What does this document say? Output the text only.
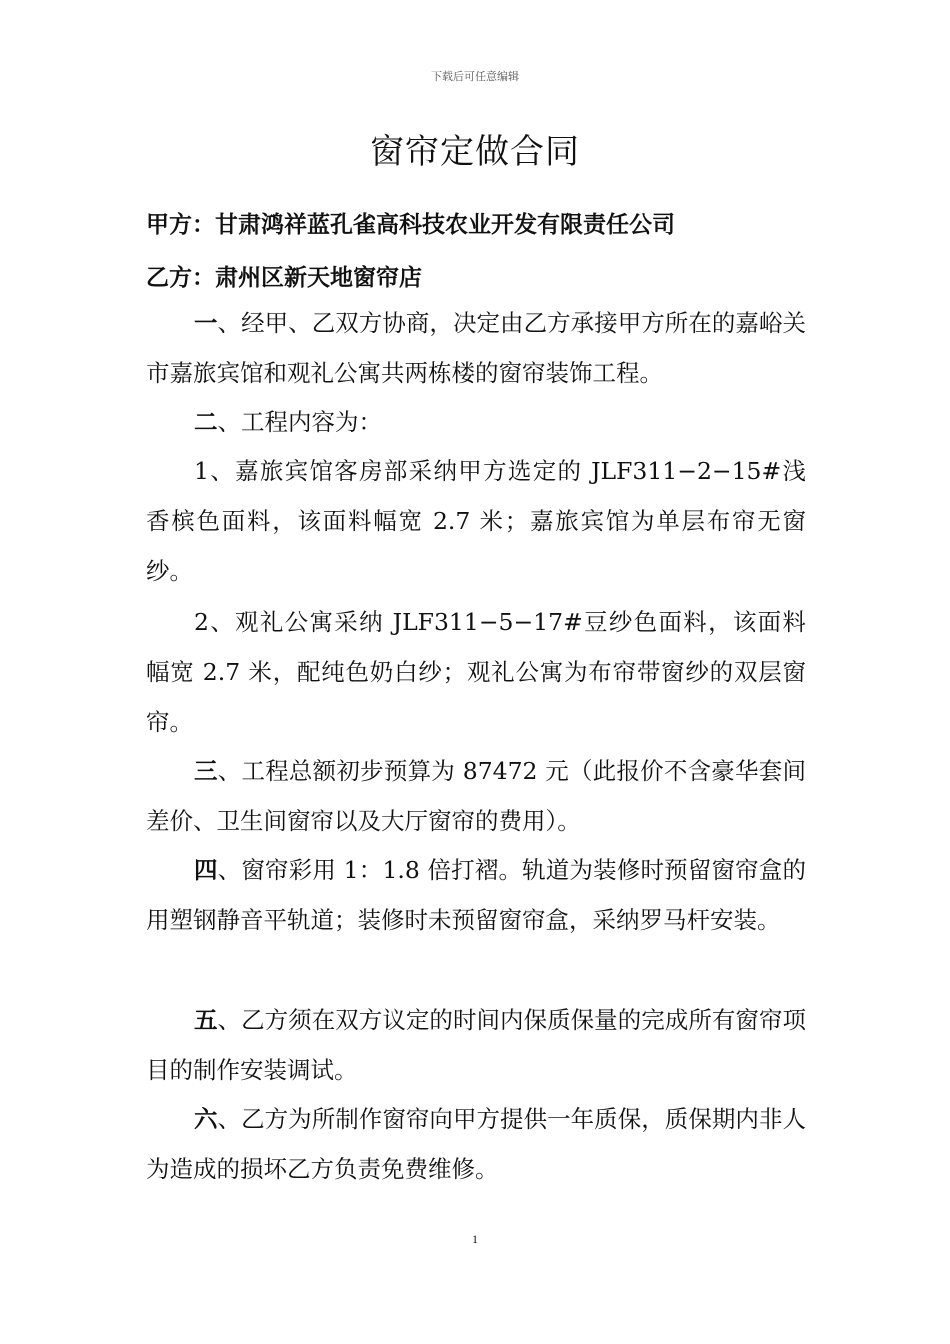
下载后可任意编辑
窗帘定做合同
甲方：甘肃鸿祥蓝孔雀高科技农业开发有限责任公司
乙方：肃州区新天地窗帘店

一、经甲、乙双方协商，决定由乙方承接甲方所在的嘉峪关市嘉旅宾馆和观礼公寓共两栋楼的窗帘装饰工程。

二、工程内容为：

1、嘉旅宾馆客房部采纳甲方选定的 JLF311−2−15#浅香槟色面料，该面料幅宽 2.7 米；嘉旅宾馆为单层布帘无窗纱。

2、观礼公寓采纳 JLF311−5−17#豆纱色面料，该面料幅宽 2.7 米，配纯色奶白纱；观礼公寓为布帘带窗纱的双层窗帘。

三、工程总额初步预算为 87472 元（此报价不含豪华套间差价、卫生间窗帘以及大厅窗帘的费用）。

四、窗帘彩用 1：1.8 倍打褶。轨道为装修时预留窗帘盒的用塑钢静音平轨道；装修时未预留窗帘盒，采纳罗马杆安装。

五、乙方须在双方议定的时间内保质保量的完成所有窗帘项目的制作安装调试。

六、乙方为所制作窗帘向甲方提供一年质保，质保期内非人为造成的损坏乙方负责免费维修。

1
